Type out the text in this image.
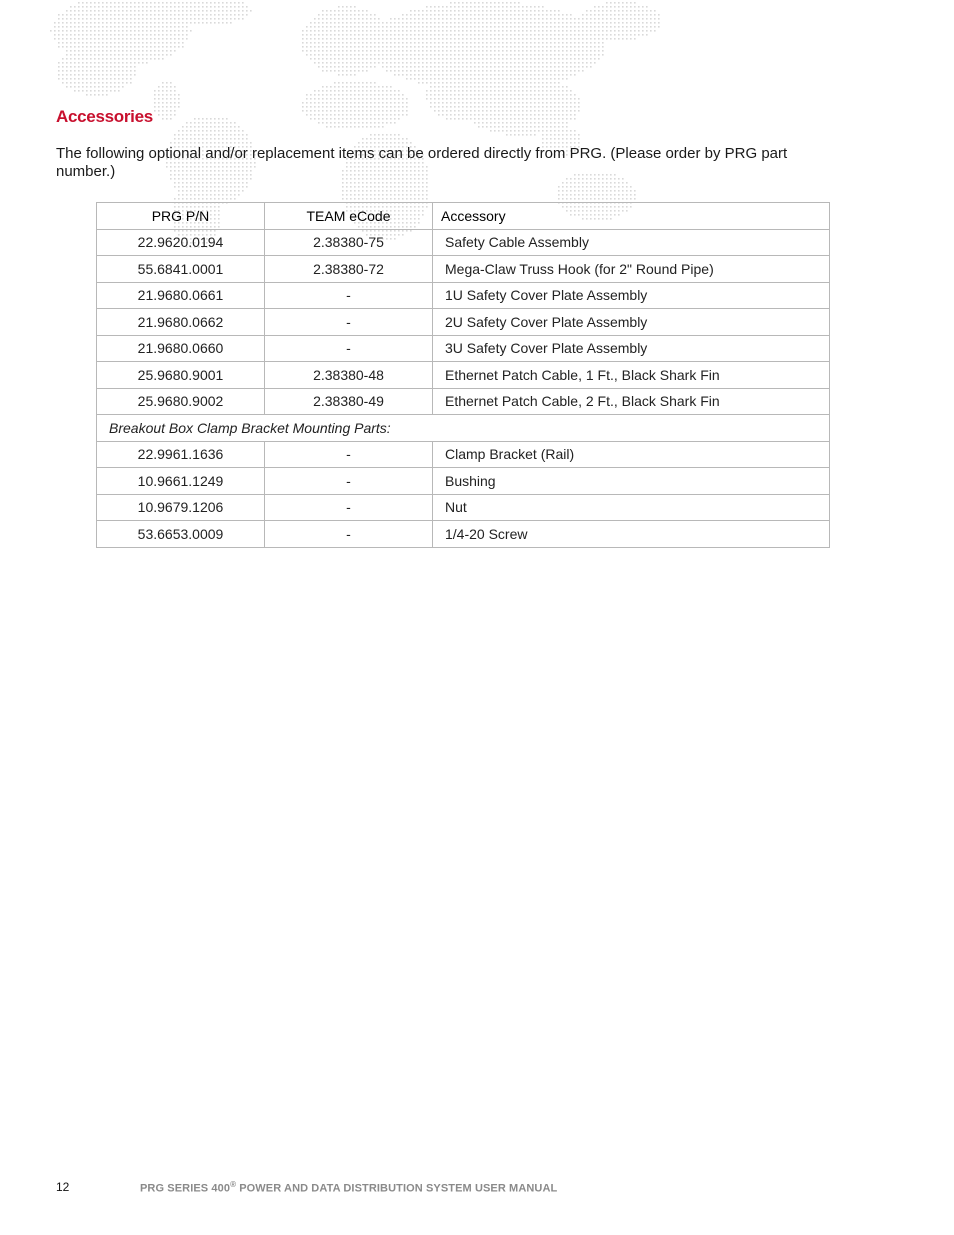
Accessories

The following optional and/or replacement items can be ordered directly from PRG. (Please order by PRG part number.)

PRG P/N	TEAM eCode	Accessory
22.9620.0194	2.38380-75	Safety Cable Assembly
55.6841.0001	2.38380-72	Mega-Claw Truss Hook (for 2" Round Pipe)
21.9680.0661	-	1U Safety Cover Plate Assembly
21.9680.0662	-	2U Safety Cover Plate Assembly
21.9680.0660	-	3U Safety Cover Plate Assembly
25.9680.9001	2.38380-48	Ethernet Patch Cable, 1 Ft., Black Shark Fin
25.9680.9002	2.38380-49	Ethernet Patch Cable, 2 Ft., Black Shark Fin
Breakout Box Clamp Bracket Mounting Parts:		
22.9961.1636	-	Clamp Bracket (Rail)
10.9661.1249	-	Bushing
10.9679.1206	-	Nut
53.6653.0009	-	1/4-20 Screw
12	PRG SERIES 400® POWER AND DATA DISTRIBUTION SYSTEM USER MANUAL
